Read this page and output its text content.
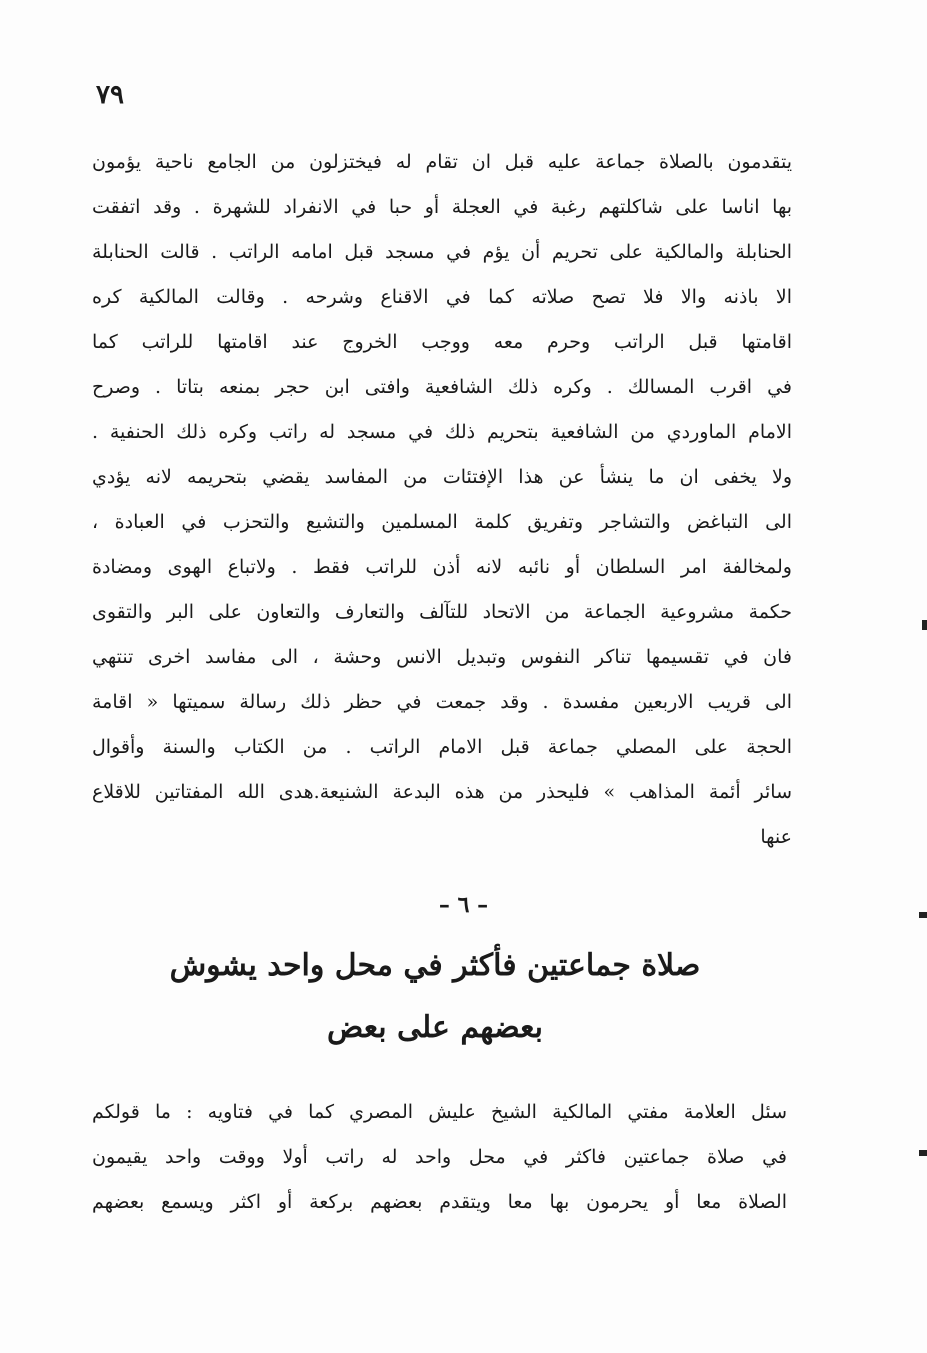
٧٩
يتقدمون بالصلاة جماعة عليه قبل ان تقام له فيختزلون من الجامع ناحية يؤمون
بها اناسا على شاكلتهم رغبة في العجلة أو حبا في الانفراد للشهرة . وقد اتفقت
الحنابلة والمالكية على تحريم أن يؤم في مسجد قبل امامه الراتب . قالت الحنابلة
الا باذنه والا فلا تصح صلاته كما في الاقناع وشرحه . وقالت المالكية كره
اقامتها قبل الراتب وحرم معه ووجب الخروج عند اقامتها للراتب كما
في اقرب المسالك . وكره ذلك الشافعية وافتى ابن حجر بمنعه بتاتا . وصرح
الامام الماوردي من الشافعية بتحريم ذلك في مسجد له راتب وكره ذلك الحنفية .
ولا يخفى ان ما ينشأ عن هذا الإفتئات من المفاسد يقضي بتحريمه لانه يؤدي
الى التباغض والتشاجر وتفريق كلمة المسلمين والتشيع والتحزب في العبادة ،
ولمخالفة امر السلطان أو نائبه لانه أذن للراتب فقط . ولاتباع الهوى ومضادة
حكمة مشروعية الجماعة من الاتحاد للتآلف والتعارف والتعاون على البر والتقوى
فان في تقسيمها تناكر النفوس وتبديل الانس وحشة ، الى مفاسد اخرى تنتهي
الى قريب الاربعين مفسدة . وقد جمعت في حظر ذلك رسالة سميتها « اقامة
الحجة على المصلي جماعة قبل الامام الراتب . من الكتاب والسنة وأقوال
سائر أئمة المذاهب » فليحذر من هذه البدعة الشنيعة.هدى الله المفتاتين للاقلاع
عنها
– ٦ –
صلاة جماعتين فأكثر في محل واحد يشوش
بعضهم على بعض
سئل العلامة مفتي المالكية الشيخ عليش المصري كما في فتاويه : ما قولكم
في صلاة جماعتين فاكثر في محل واحد له راتب أولا ووقت واحد يقيمون
الصلاة معا أو يحرمون بها معا ويتقدم بعضهم بركعة أو اكثر ويسمع بعضهم
